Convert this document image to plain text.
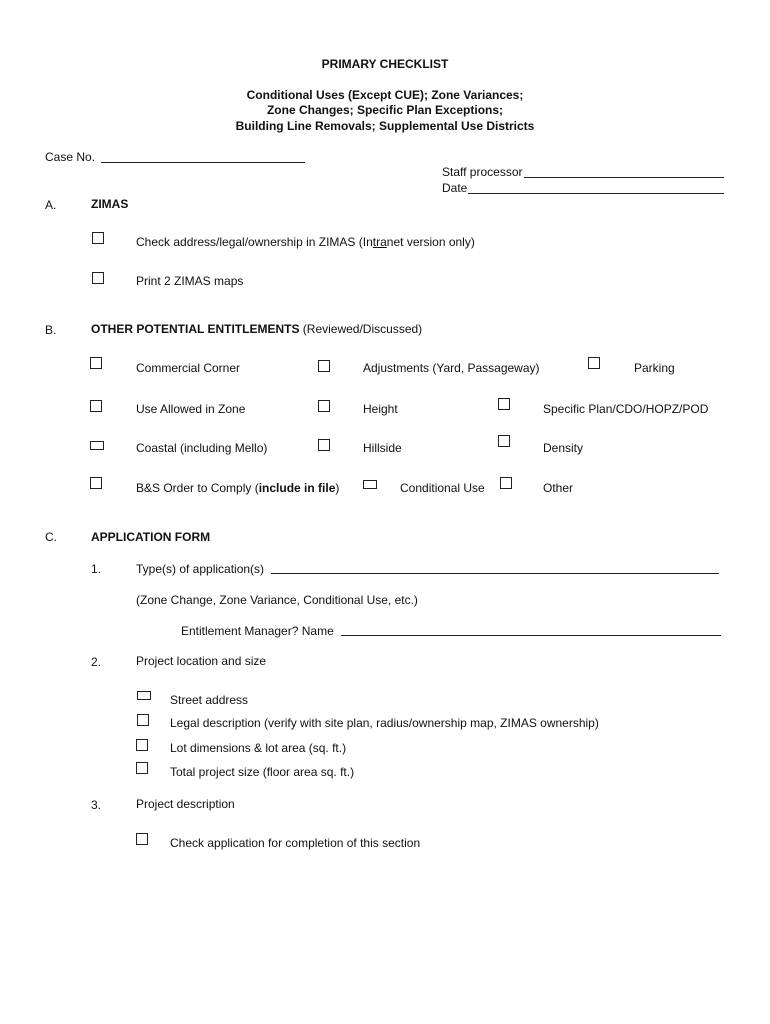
PRIMARY CHECKLIST
Conditional Uses (Except CUE); Zone Variances;
Zone Changes; Specific Plan Exceptions;
Building Line Removals; Supplemental Use Districts
Case No.
Staff processor
Date
A.	ZIMAS
Check address/legal/ownership in ZIMAS (Intranet version only)
Print 2 ZIMAS maps
B.	OTHER POTENTIAL ENTITLEMENTS (Reviewed/Discussed)
Commercial Corner	Adjustments (Yard, Passageway)	Parking
Use Allowed in Zone	Height	Specific Plan/CDO/HOPZ/POD
Coastal (including Mello)	Hillside	Density
B&S Order to Comply (include in file)	Conditional Use	Other
C.	APPLICATION FORM
1.	Type(s) of application(s)
(Zone Change, Zone Variance, Conditional Use, etc.)
Entitlement Manager? Name
2.	Project location and size
Street address
Legal description (verify with site plan, radius/ownership map, ZIMAS ownership)
Lot dimensions & lot area (sq. ft.)
Total project size (floor area sq. ft.)
3.	Project description
Check application for completion of this section
